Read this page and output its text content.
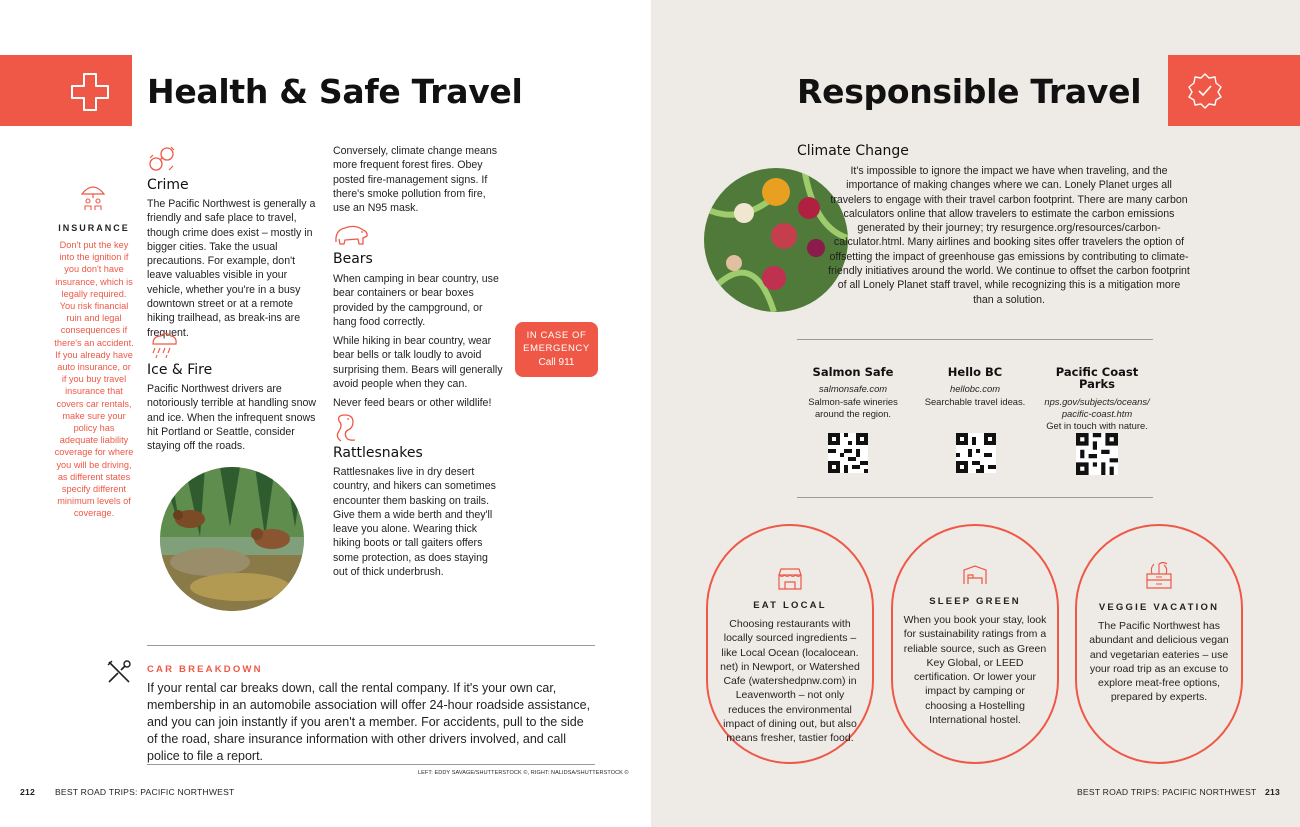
Health & Safe Travel
INSURANCE
Don't put the key into the ignition if you don't have insurance, which is legally required. You risk financial ruin and legal consequences if there's an accident. If you already have auto insurance, or if you buy travel insurance that covers car rentals, make sure your policy has adequate liability coverage for where you will be driving, as different states specify different minimum levels of coverage.
Crime
The Pacific Northwest is generally a friendly and safe place to travel, though crime does exist – mostly in bigger cities. Take the usual precautions. For example, don't leave valuables visible in your vehicle, whether you're in a busy downtown street or at a remote hiking trailhead, as break-ins are frequent.
Ice & Fire
Pacific Northwest drivers are notoriously terrible at handling snow and ice. When the infrequent snows hit Portland or Seattle, consider staying off the roads.
Conversely, climate change means more frequent forest fires. Obey posted fire-management signs. If there's smoke pollution from fire, use an N95 mask.
Bears

When camping in bear country, use bear containers or bear boxes provided by the campground, or hang food correctly.

While hiking in bear country, wear bear bells or talk loudly to avoid surprising them. Bears will generally avoid people when they can.

Never feed bears or other wildlife!

Rattlesnakes
Rattlesnakes live in dry desert country, and hikers can sometimes encounter them basking on trails. Give them a wide berth and they'll leave you alone. Wearing thick hiking boots or tall gaiters offers some protection, as does staying out of thick underbrush.
IN CASE OF
EMERGENCY
Call 911
CAR BREAKDOWN
If your rental car breaks down, call the rental company. If it's your own car, membership in an automobile association will offer 24-hour roadside assistance, and you can join instantly if you aren't a member. For accidents, pull to the side of the road, share insurance information with other drivers involved, and call police to file a report.
LEFT: EDDY SAVAGE/SHUTTERSTOCK ©, RIGHT: NALIDSA/SHUTTERSTOCK ©
212 BEST ROAD TRIPS: PACIFIC NORTHWEST
Responsible Travel
Climate Change
It's impossible to ignore the impact we have when traveling, and the importance of making changes where we can. Lonely Planet urges all travelers to engage with their travel carbon footprint. There are many carbon calculators online that allow travelers to estimate the carbon emissions generated by their journey; try resurgence.org/resources/carbon-calculator.html. Many airlines and booking sites offer travelers the option of offsetting the impact of greenhouse gas emissions by contributing to climate-friendly initiatives around the world. We continue to offset the carbon footprint of all Lonely Planet staff travel, while recognizing this is a mitigation more than a solution.
Salmon Safe
salmonsafe.com
Salmon-safe wineries around the region.
Hello BC
hellobc.com
Searchable travel ideas.
Pacific Coast Parks
nps.gov/subjects/oceans/ pacific-coast.htm
Get in touch with nature.
EAT LOCAL
Choosing restaurants with locally sourced ingredients – like Local Ocean (localocean. net) in Newport, or Watershed Cafe (watershedpnw.com) in Leavenworth – not only reduces the environmental impact of dining out, but also means fresher, tastier food.
SLEEP GREEN
When you book your stay, look for sustainability ratings from a reliable source, such as Green Key Global, or LEED certification. Or lower your impact by camping or choosing a Hostelling International hostel.
VEGGIE VACATION
The Pacific Northwest has abundant and delicious vegan and vegetarian eateries – use your road trip as an excuse to explore meat-free options, prepared by experts.
BEST ROAD TRIPS: PACIFIC NORTHWEST 213
